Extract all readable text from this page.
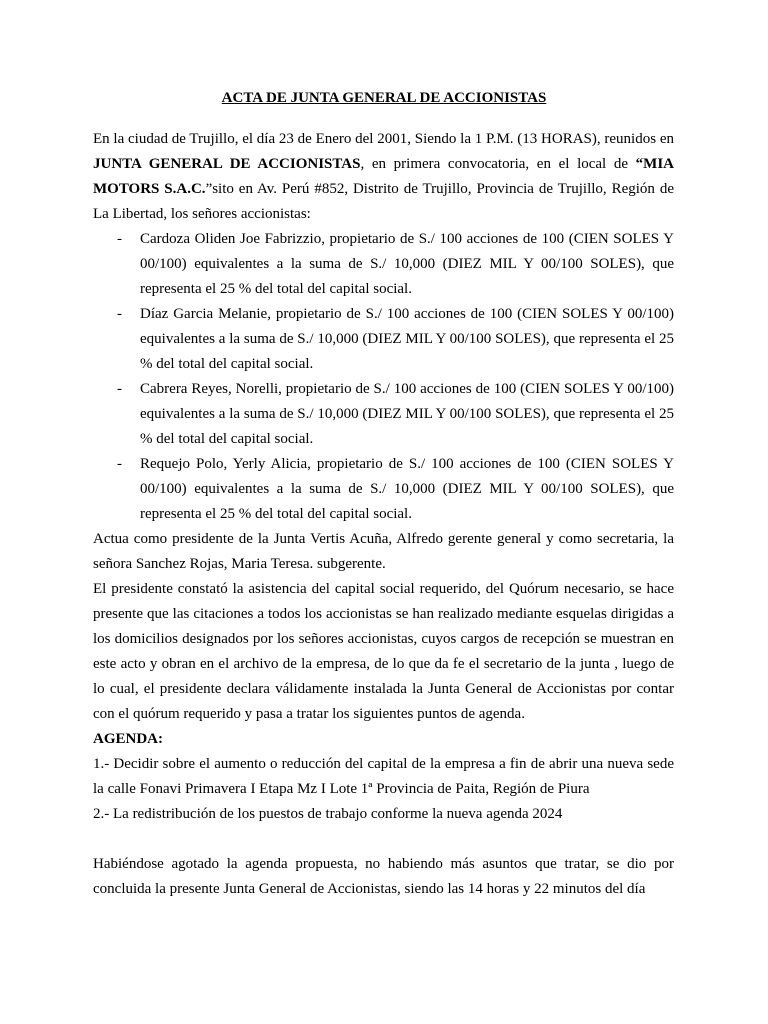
ACTA DE JUNTA GENERAL DE ACCIONISTAS

En la ciudad de Trujillo, el día 23 de Enero del 2001, Siendo la 1 P.M. (13 HORAS), reunidos en JUNTA GENERAL DE ACCIONISTAS, en primera convocatoria, en el local de “MIA MOTORS S.A.C.”sito en Av. Perú #852, Distrito de Trujillo, Provincia de Trujillo, Región de La Libertad, los señores accionistas:

- Cardoza Oliden Joe Fabrizzio, propietario de S./ 100 acciones de 100 (CIEN SOLES Y 00/100) equivalentes a la suma de S./ 10,000 (DIEZ MIL Y 00/100 SOLES), que representa el 25 % del total del capital social.
- Díaz Garcia Melanie, propietario de S./ 100 acciones de 100 (CIEN SOLES Y 00/100) equivalentes a la suma de S./ 10,000 (DIEZ MIL Y 00/100 SOLES), que representa el 25 % del total del capital social.
- Cabrera Reyes, Norelli, propietario de S./ 100 acciones de 100 (CIEN SOLES Y 00/100) equivalentes a la suma de S./ 10,000 (DIEZ MIL Y 00/100 SOLES), que representa el 25 % del total del capital social.
- Requejo Polo, Yerly Alicia, propietario de S./ 100 acciones de 100 (CIEN SOLES Y 00/100) equivalentes a la suma de S./ 10,000 (DIEZ MIL Y 00/100 SOLES), que representa el 25 % del total del capital social.

Actua como presidente de la Junta Vertis Acuña, Alfredo gerente general y como secretaria, la señora Sanchez Rojas, Maria Teresa. subgerente.

El presidente constató la asistencia del capital social requerido, del Quórum necesario, se hace presente que las citaciones a todos los accionistas se han realizado mediante esquelas dirigidas a los domicilios designados por los señores accionistas, cuyos cargos de recepción se muestran en este acto y obran en el archivo de la empresa, de lo que da fe el secretario de la junta , luego de lo cual, el presidente declara válidamente instalada la Junta General de Accionistas por contar con el quórum requerido y pasa a tratar los siguientes puntos de agenda.

AGENDA:

1.- Decidir sobre el aumento o reducción del capital de la empresa a fin de abrir una nueva sede la calle Fonavi Primavera I Etapa Mz I Lote 1ª Provincia de Paita, Región de Piura

2.- La redistribución de los puestos de trabajo conforme la nueva agenda 2024

Habiéndose agotado la agenda propuesta, no habiendo más asuntos que tratar, se dio por concluida la presente Junta General de Accionistas, siendo las 14 horas y 22 minutos del día
